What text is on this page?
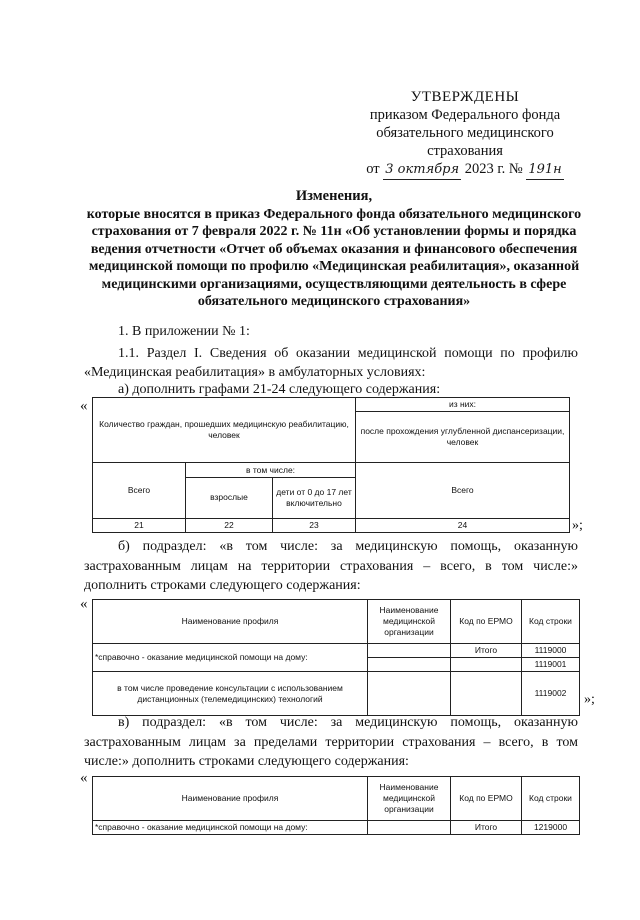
УТВЕРЖДЕНЫ
приказом Федерального фонда
обязательного медицинского
страхования
от 3 октября 2023 г. № 191н
Изменения,
которые вносятся в приказ Федерального фонда обязательного медицинского страхования от 7 февраля 2022 г. № 11н «Об установлении формы и порядка ведения отчетности «Отчет об объемах оказания и финансового обеспечения медицинской помощи по профилю «Медицинская реабилитация», оказанной медицинскими организациями, осуществляющими деятельность в сфере обязательного медицинского страхования»
1. В приложении № 1:
1.1. Раздел I. Сведения об оказании медицинской помощи по профилю
«Медицинская реабилитация» в амбулаторных условиях:
а) дополнить графами 21-24 следующего содержания:
«
Количество граждан, прошедших медицинскую реабилитацию, человек			из них:
			после прохождения углубленной диспансеризации, человек
Всего	в том числе:		Всего
	взрослые	дети от 0 до 17 лет включительно	
21	22	23	24	»;
б) подраздел: «в том числе: за медицинскую помощь, оказанную
застрахованным лицам на территории страхования – всего, в том числе:»
дополнить строками следующего содержания:
«
Наименование профиля	Наименование медицинской организации	Код по ЕРМО	Код строки
*справочно - оказание медицинской помощи на дому:		Итого	1119000
			1119001
в том числе проведение консультации с использованием дистанционных (телемедицинских) технологий			1119002 »;
в) подраздел: «в том числе: за медицинскую помощь, оказанную
застрахованным лицам за пределами территории страхования – всего, в том
числе:» дополнить строками следующего содержания:
«
Наименование профиля	Наименование медицинской организации	Код по ЕРМО	Код строки
*справочно - оказание медицинской помощи на дому:		Итого	1219000
